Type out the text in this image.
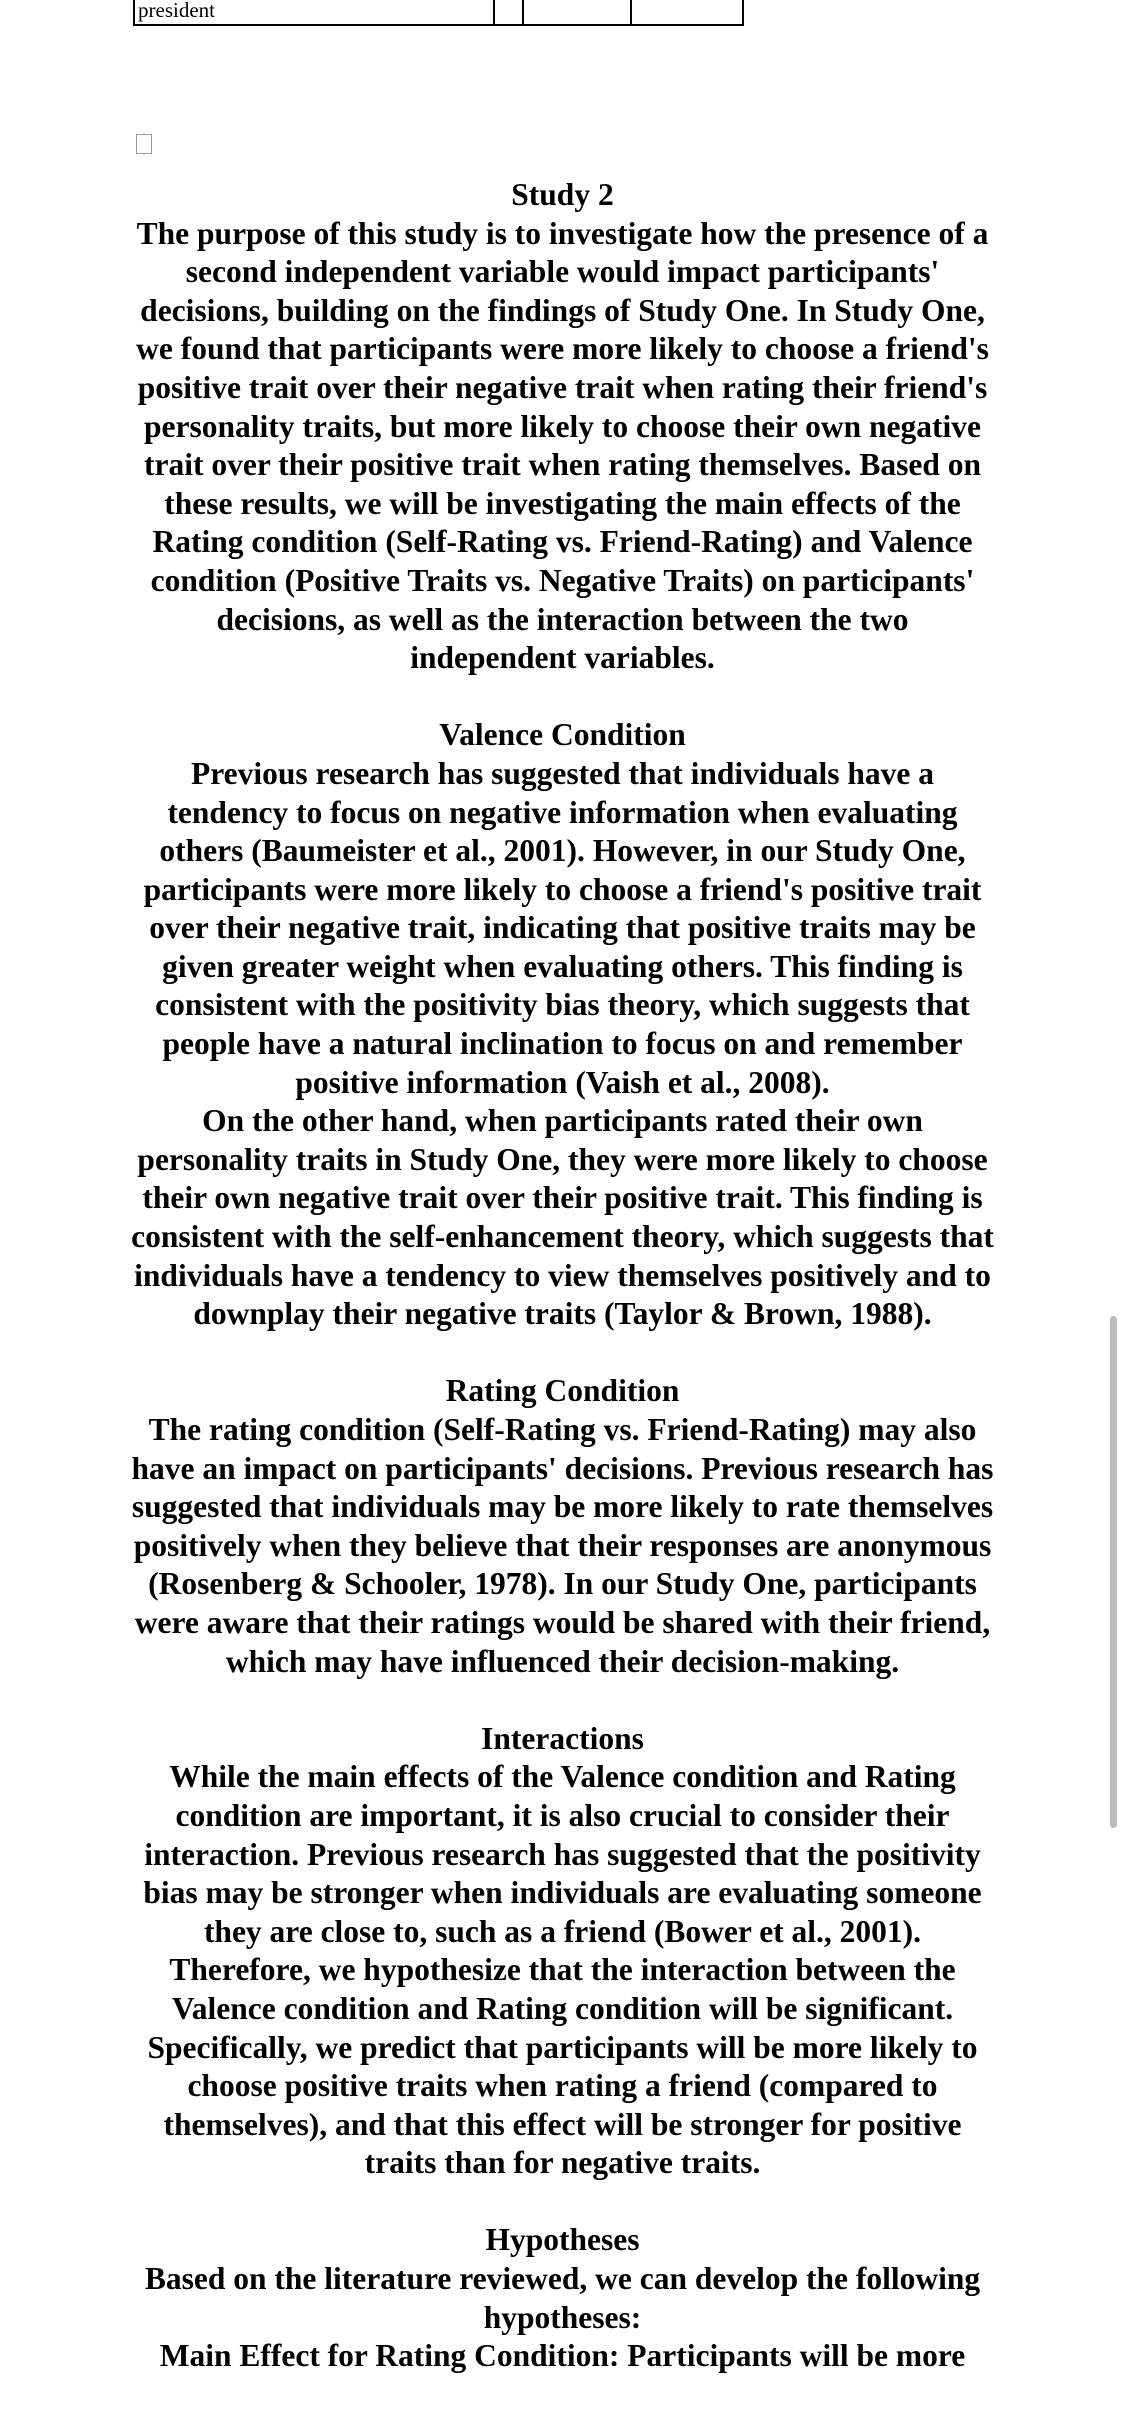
president			
Study 2

The purpose of this study is to investigate how the presence of a second independent variable would impact participants' decisions, building on the findings of Study One. In Study One, we found that participants were more likely to choose a friend's positive trait over their negative trait when rating their friend's personality traits, but more likely to choose their own negative trait over their positive trait when rating themselves. Based on these results, we will be investigating the main effects of the Rating condition (Self-Rating vs. Friend-Rating) and Valence condition (Positive Traits vs. Negative Traits) on participants' decisions, as well as the interaction between the two independent variables.

Valence Condition

Previous research has suggested that individuals have a tendency to focus on negative information when evaluating others (Baumeister et al., 2001). However, in our Study One, participants were more likely to choose a friend's positive trait over their negative trait, indicating that positive traits may be given greater weight when evaluating others. This finding is consistent with the positivity bias theory, which suggests that people have a natural inclination to focus on and remember positive information (Vaish et al., 2008).

On the other hand, when participants rated their own personality traits in Study One, they were more likely to choose their own negative trait over their positive trait. This finding is consistent with the self-enhancement theory, which suggests that individuals have a tendency to view themselves positively and to downplay their negative traits (Taylor & Brown, 1988).

Rating Condition

The rating condition (Self-Rating vs. Friend-Rating) may also have an impact on participants' decisions. Previous research has suggested that individuals may be more likely to rate themselves positively when they believe that their responses are anonymous (Rosenberg & Schooler, 1978). In our Study One, participants were aware that their ratings would be shared with their friend, which may have influenced their decision-making.

Interactions

While the main effects of the Valence condition and Rating condition are important, it is also crucial to consider their interaction. Previous research has suggested that the positivity bias may be stronger when individuals are evaluating someone they are close to, such as a friend (Bower et al., 2001). Therefore, we hypothesize that the interaction between the Valence condition and Rating condition will be significant. Specifically, we predict that participants will be more likely to choose positive traits when rating a friend (compared to themselves), and that this effect will be stronger for positive traits than for negative traits.

Hypotheses

Based on the literature reviewed, we can develop the following hypotheses:

Main Effect for Rating Condition: Participants will be more
